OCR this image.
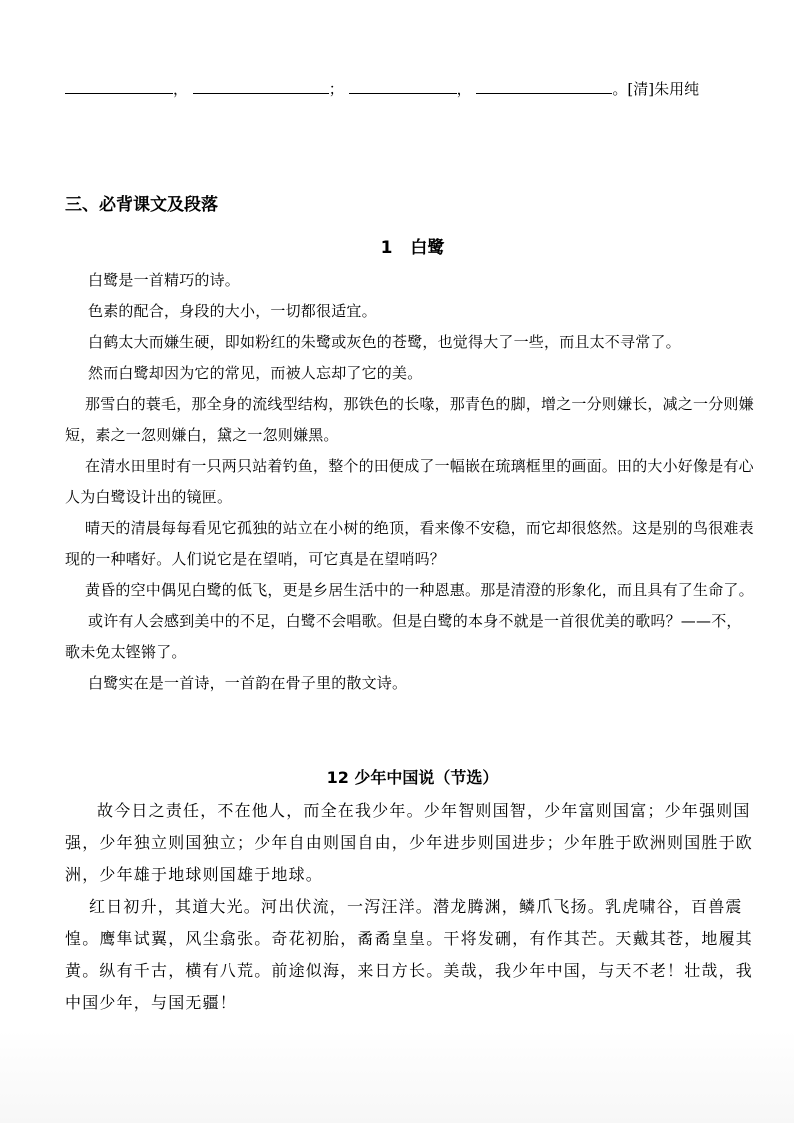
，	；	，	。[清]朱用纯
三、必背课文及段落
1 白鹭

白鹭是一首精巧的诗。

色素的配合，身段的大小，一切都很适宜。

白鹤太大而嫌生硬，即如粉红的朱鹭或灰色的苍鹭，也觉得大了一些，而且太不寻常了。

然而白鹭却因为它的常见，而被人忘却了它的美。

那雪白的蓑毛，那全身的流线型结构，那铁色的长喙，那青色的脚，增之一分则嫌长，减之一分则嫌短，素之一忽则嫌白，黛之一忽则嫌黑。

在清水田里时有一只两只站着钓鱼，整个的田便成了一幅嵌在琉璃框里的画面。田的大小好像是有心人为白鹭设计出的镜匣。

晴天的清晨每每看见它孤独的站立在小树的绝顶，看来像不安稳，而它却很悠然。这是别的鸟很难表现的一种嗜好。人们说它是在望哨，可它真是在望哨吗？

黄昏的空中偶见白鹭的低飞，更是乡居生活中的一种恩惠。那是清澄的形象化，而且具有了生命了。

或许有人会感到美中的不足，白鹭不会唱歌。但是白鹭的本身不就是一首很优美的歌吗？——不，歌未免太铿锵了。

白鹭实在是一首诗，一首韵在骨子里的散文诗。

12 少年中国说（节选）

故今日之责任，不在他人，而全在我少年。少年智则国智，少年富则国富；少年强则国强，少年独立则国独立；少年自由则国自由，少年进步则国进步；少年胜于欧洲则国胜于欧洲，少年雄于地球则国雄于地球。

红日初升，其道大光。河出伏流，一泻汪洋。潜龙腾渊，鳞爪飞扬。乳虎啸谷，百兽震惶。鹰隼试翼，风尘翕张。奇花初胎，矞矞皇皇。干将发硎，有作其芒。天戴其苍，地履其黄。纵有千古，横有八荒。前途似海，来日方长。美哉，我少年中国，与天不老！壮哉，我中国少年，与国无疆！
